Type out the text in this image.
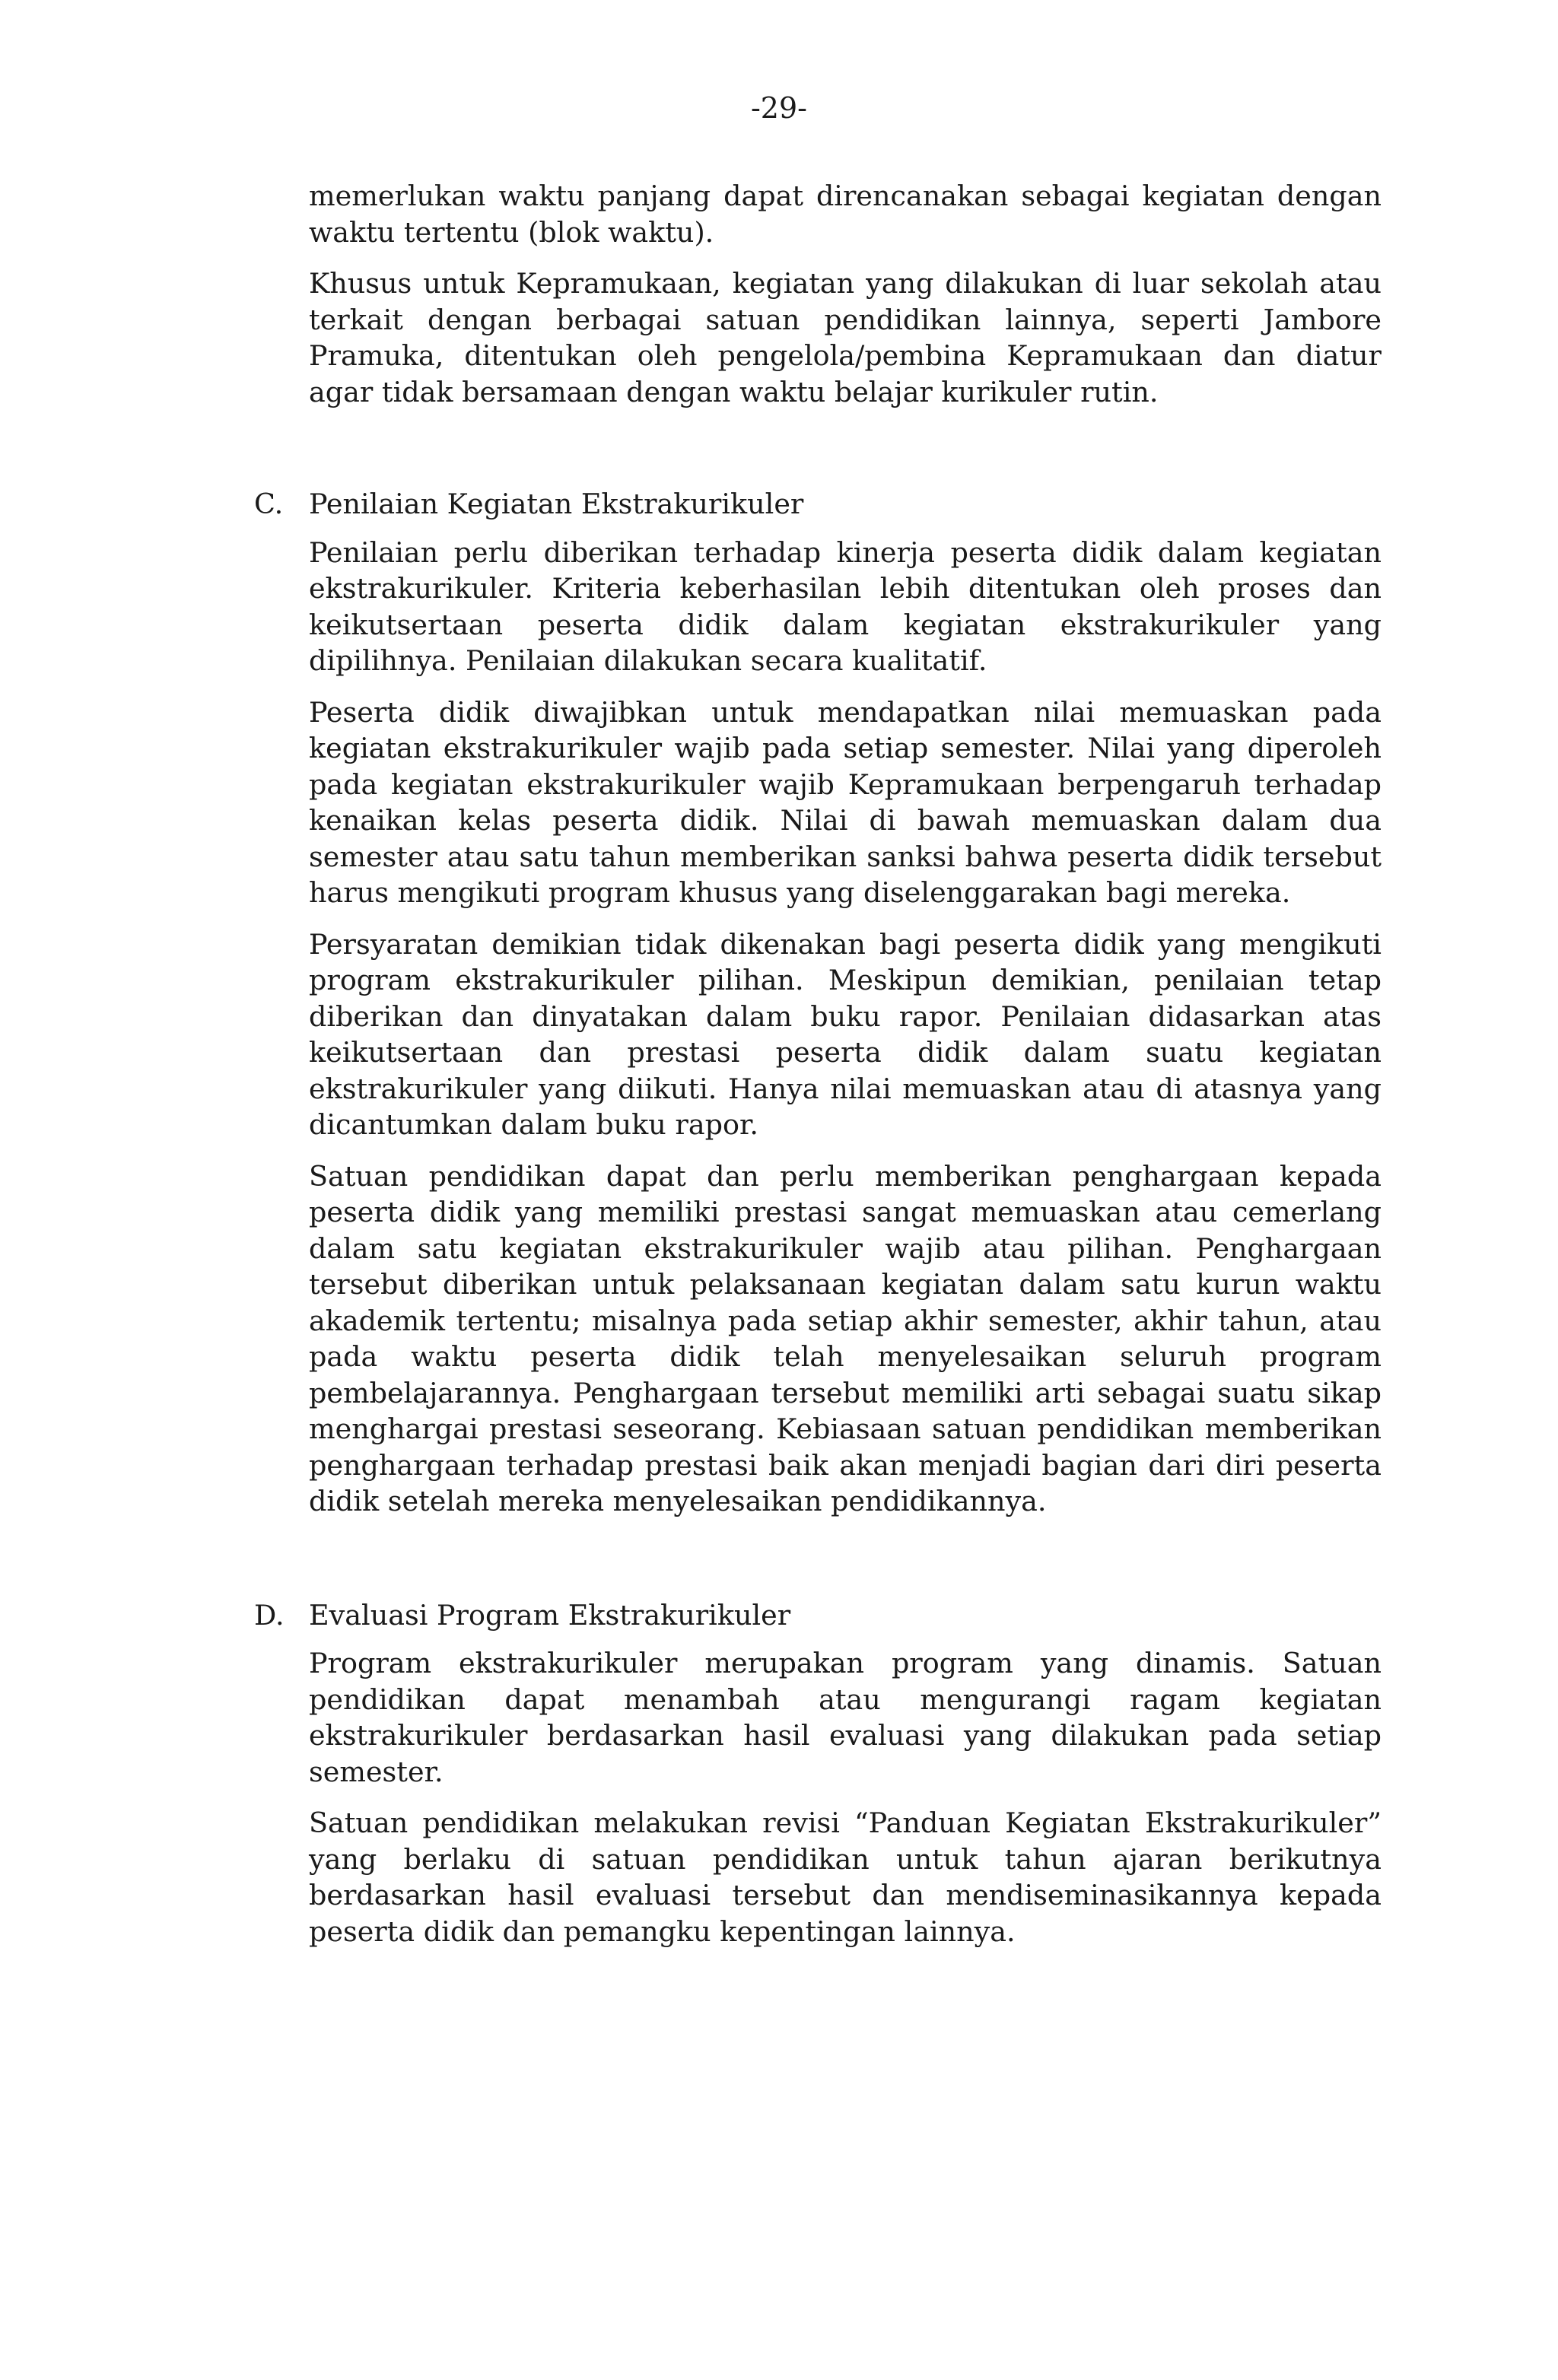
-29-

memerlukan waktu panjang dapat direncanakan sebagai kegiatan dengan waktu tertentu (blok waktu).

Khusus untuk Kepramukaan, kegiatan yang dilakukan di luar sekolah atau terkait dengan berbagai satuan pendidikan lainnya, seperti Jambore Pramuka, ditentukan oleh pengelola/pembina Kepramukaan dan diatur agar tidak bersamaan dengan waktu belajar kurikuler rutin.

C. Penilaian Kegiatan Ekstrakurikuler

Penilaian perlu diberikan terhadap kinerja peserta didik dalam kegiatan ekstrakurikuler. Kriteria keberhasilan lebih ditentukan oleh proses dan keikutsertaan peserta didik dalam kegiatan ekstrakurikuler yang dipilihnya. Penilaian dilakukan secara kualitatif.

Peserta didik diwajibkan untuk mendapatkan nilai memuaskan pada kegiatan ekstrakurikuler wajib pada setiap semester. Nilai yang diperoleh pada kegiatan ekstrakurikuler wajib Kepramukaan berpengaruh terhadap kenaikan kelas peserta didik. Nilai di bawah memuaskan dalam dua semester atau satu tahun memberikan sanksi bahwa peserta didik tersebut harus mengikuti program khusus yang diselenggarakan bagi mereka.

Persyaratan demikian tidak dikenakan bagi peserta didik yang mengikuti program ekstrakurikuler pilihan. Meskipun demikian, penilaian tetap diberikan dan dinyatakan dalam buku rapor. Penilaian didasarkan atas keikutsertaan dan prestasi peserta didik dalam suatu kegiatan ekstrakurikuler yang diikuti. Hanya nilai memuaskan atau di atasnya yang dicantumkan dalam buku rapor.

Satuan pendidikan dapat dan perlu memberikan penghargaan kepada peserta didik yang memiliki prestasi sangat memuaskan atau cemerlang dalam satu kegiatan ekstrakurikuler wajib atau pilihan. Penghargaan tersebut diberikan untuk pelaksanaan kegiatan dalam satu kurun waktu akademik tertentu; misalnya pada setiap akhir semester, akhir tahun, atau pada waktu peserta didik telah menyelesaikan seluruh program pembelajarannya. Penghargaan tersebut memiliki arti sebagai suatu sikap menghargai prestasi seseorang. Kebiasaan satuan pendidikan memberikan penghargaan terhadap prestasi baik akan menjadi bagian dari diri peserta didik setelah mereka menyelesaikan pendidikannya.

D. Evaluasi Program Ekstrakurikuler

Program ekstrakurikuler merupakan program yang dinamis. Satuan pendidikan dapat menambah atau mengurangi ragam kegiatan ekstrakurikuler berdasarkan hasil evaluasi yang dilakukan pada setiap semester.

Satuan pendidikan melakukan revisi “Panduan Kegiatan Ekstrakurikuler” yang berlaku di satuan pendidikan untuk tahun ajaran berikutnya berdasarkan hasil evaluasi tersebut dan mendiseminasikannya kepada peserta didik dan pemangku kepentingan lainnya.
